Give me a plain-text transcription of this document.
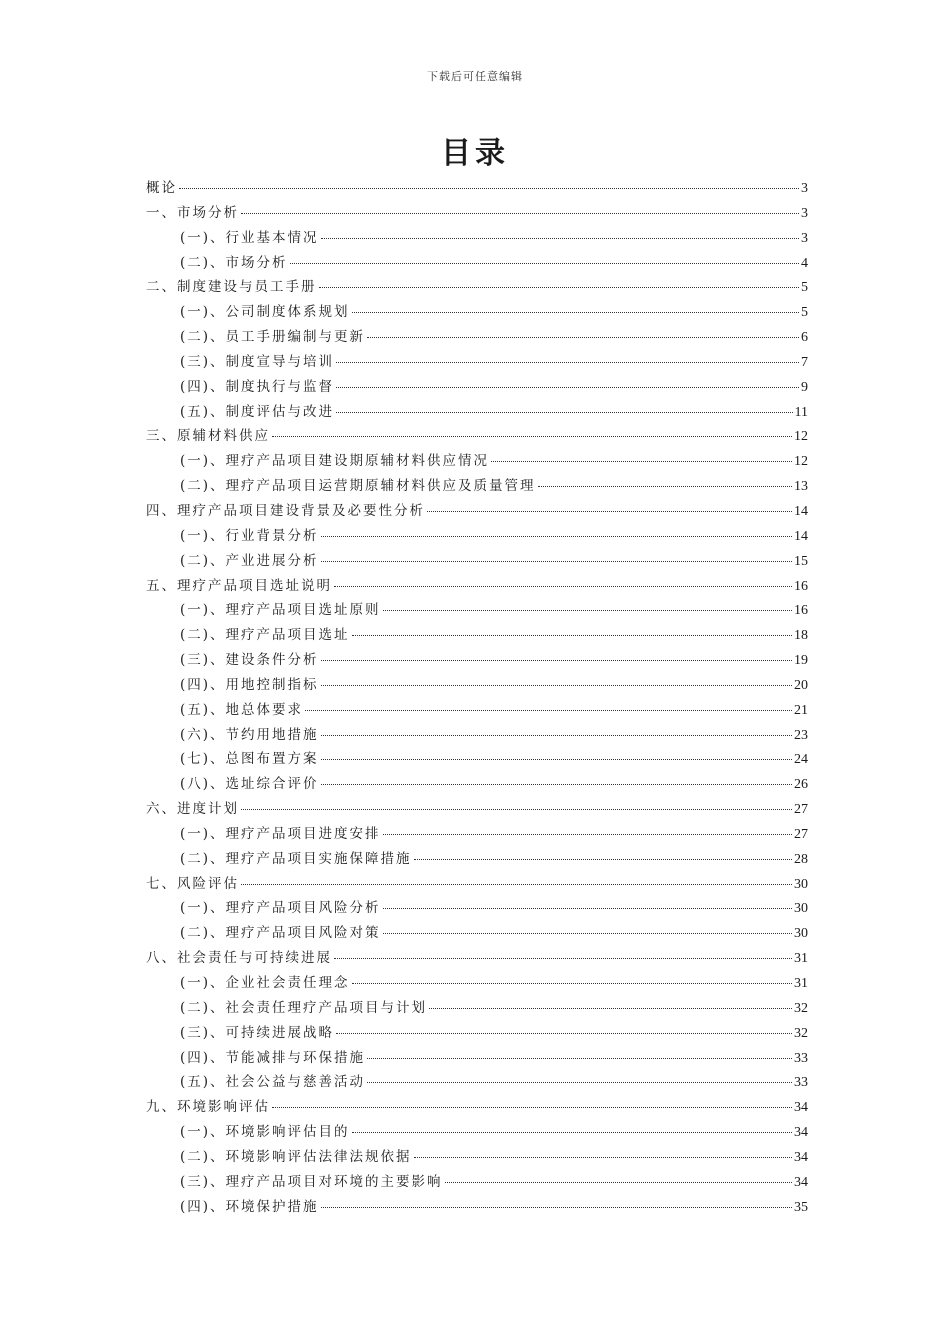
下载后可任意编辑
目录
概论	3
一、市场分析	3
(一)、行业基本情况	3
(二)、市场分析	4
二、制度建设与员工手册	5
(一)、公司制度体系规划	5
(二)、员工手册编制与更新	6
(三)、制度宣导与培训	7
(四)、制度执行与监督	9
(五)、制度评估与改进	11
三、原辅材料供应	12
(一)、理疗产品项目建设期原辅材料供应情况	12
(二)、理疗产品项目运营期原辅材料供应及质量管理	13
四、理疗产品项目建设背景及必要性分析	14
(一)、行业背景分析	14
(二)、产业进展分析	15
五、理疗产品项目选址说明	16
(一)、理疗产品项目选址原则	16
(二)、理疗产品项目选址	18
(三)、建设条件分析	19
(四)、用地控制指标	20
(五)、地总体要求	21
(六)、节约用地措施	23
(七)、总图布置方案	24
(八)、选址综合评价	26
六、进度计划	27
(一)、理疗产品项目进度安排	27
(二)、理疗产品项目实施保障措施	28
七、风险评估	30
(一)、理疗产品项目风险分析	30
(二)、理疗产品项目风险对策	30
八、社会责任与可持续进展	31
(一)、企业社会责任理念	31
(二)、社会责任理疗产品项目与计划	32
(三)、可持续进展战略	32
(四)、节能减排与环保措施	33
(五)、社会公益与慈善活动	33
九、环境影响评估	34
(一)、环境影响评估目的	34
(二)、环境影响评估法律法规依据	34
(三)、理疗产品项目对环境的主要影响	34
(四)、环境保护措施	35
